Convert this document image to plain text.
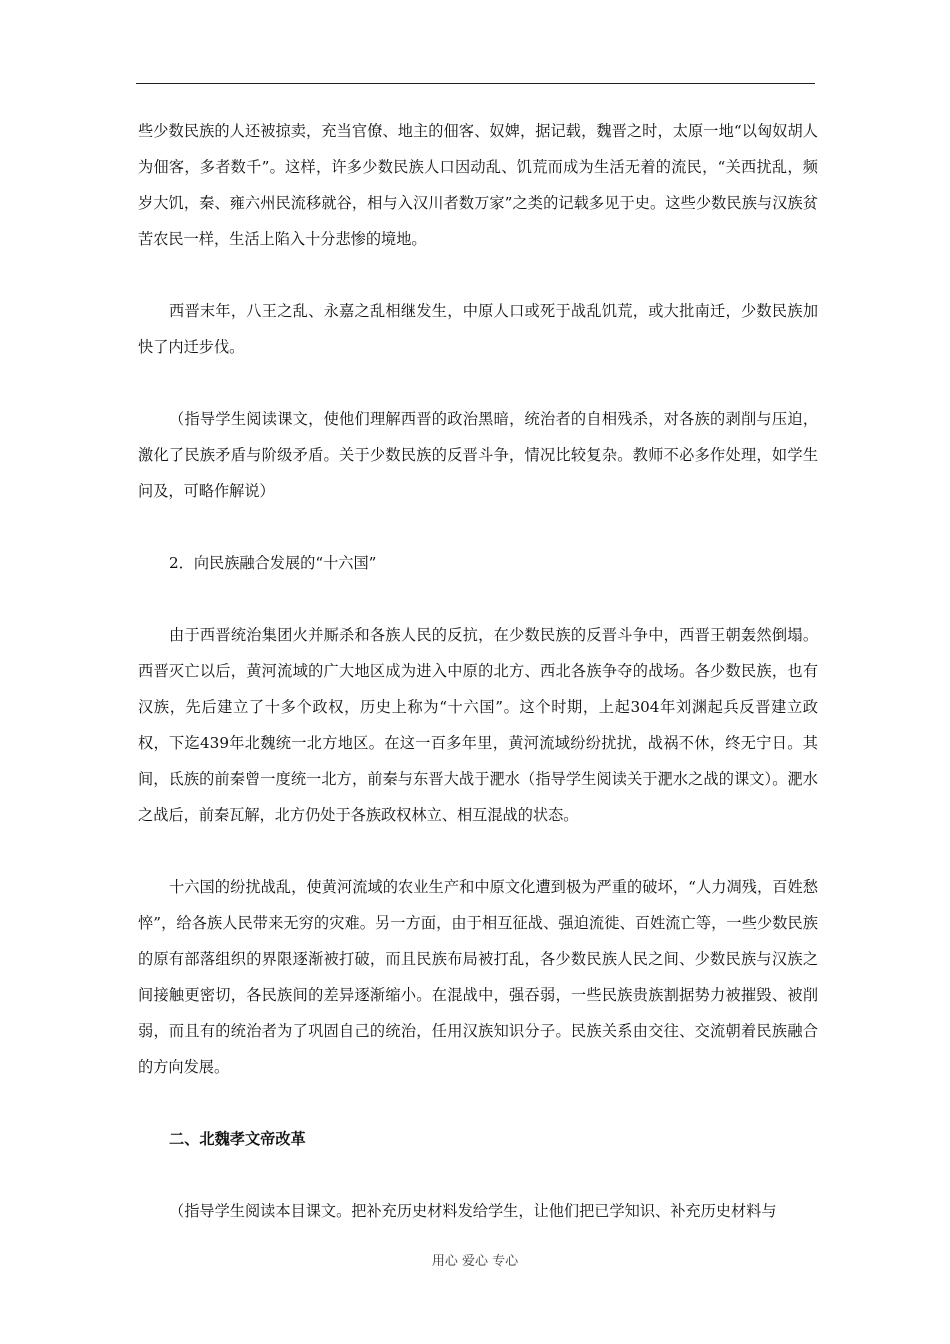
些少数民族的人还被掠卖，充当官僚、地主的佃客、奴婢，据记载，魏晋之时，太原一地“以匈奴胡人为佃客，多者数千”。这样，许多少数民族人口因动乱、饥荒而成为生活无着的流民，“关西扰乱，频岁大饥，秦、雍六州民流移就谷，相与入汉川者数万家”之类的记载多见于史。这些少数民族与汉族贫苦农民一样，生活上陷入十分悲惨的境地。

西晋末年，八王之乱、永嘉之乱相继发生，中原人口或死于战乱饥荒，或大批南迁，少数民族加快了内迁步伐。

（指导学生阅读课文，使他们理解西晋的政治黑暗，统治者的自相残杀，对各族的剥削与压迫，激化了民族矛盾与阶级矛盾。关于少数民族的反晋斗争，情况比较复杂。教师不必多作处理，如学生问及，可略作解说）

2．向民族融合发展的“十六国”

由于西晋统治集团火并厮杀和各族人民的反抗，在少数民族的反晋斗争中，西晋王朝轰然倒塌。西晋灭亡以后，黄河流域的广大地区成为进入中原的北方、西北各族争夺的战场。各少数民族，也有汉族，先后建立了十多个政权，历史上称为“十六国”。这个时期，上起304年刘渊起兵反晋建立政权，下迄439年北魏统一北方地区。在这一百多年里，黄河流域纷纷扰扰，战祸不休，终无宁日。其间，氐族的前秦曾一度统一北方，前秦与东晋大战于淝水（指导学生阅读关于淝水之战的课文）。淝水之战后，前秦瓦解，北方仍处于各族政权林立、相互混战的状态。

十六国的纷扰战乱，使黄河流域的农业生产和中原文化遭到极为严重的破坏，“人力凋残，百姓愁悴”，给各族人民带来无穷的灾难。另一方面，由于相互征战、强迫流徙、百姓流亡等，一些少数民族的原有部落组织的界限逐渐被打破，而且民族布局被打乱，各少数民族人民之间、少数民族与汉族之间接触更密切，各民族间的差异逐渐缩小。在混战中，强吞弱，一些民族贵族割据势力被摧毁、被削弱，而且有的统治者为了巩固自己的统治，任用汉族知识分子。民族关系由交往、交流朝着民族融合的方向发展。

二、北魏孝文帝改革

（指导学生阅读本目课文。把补充历史材料发给学生，让他们把已学知识、补充历史材料与

用心 爱心 专心
